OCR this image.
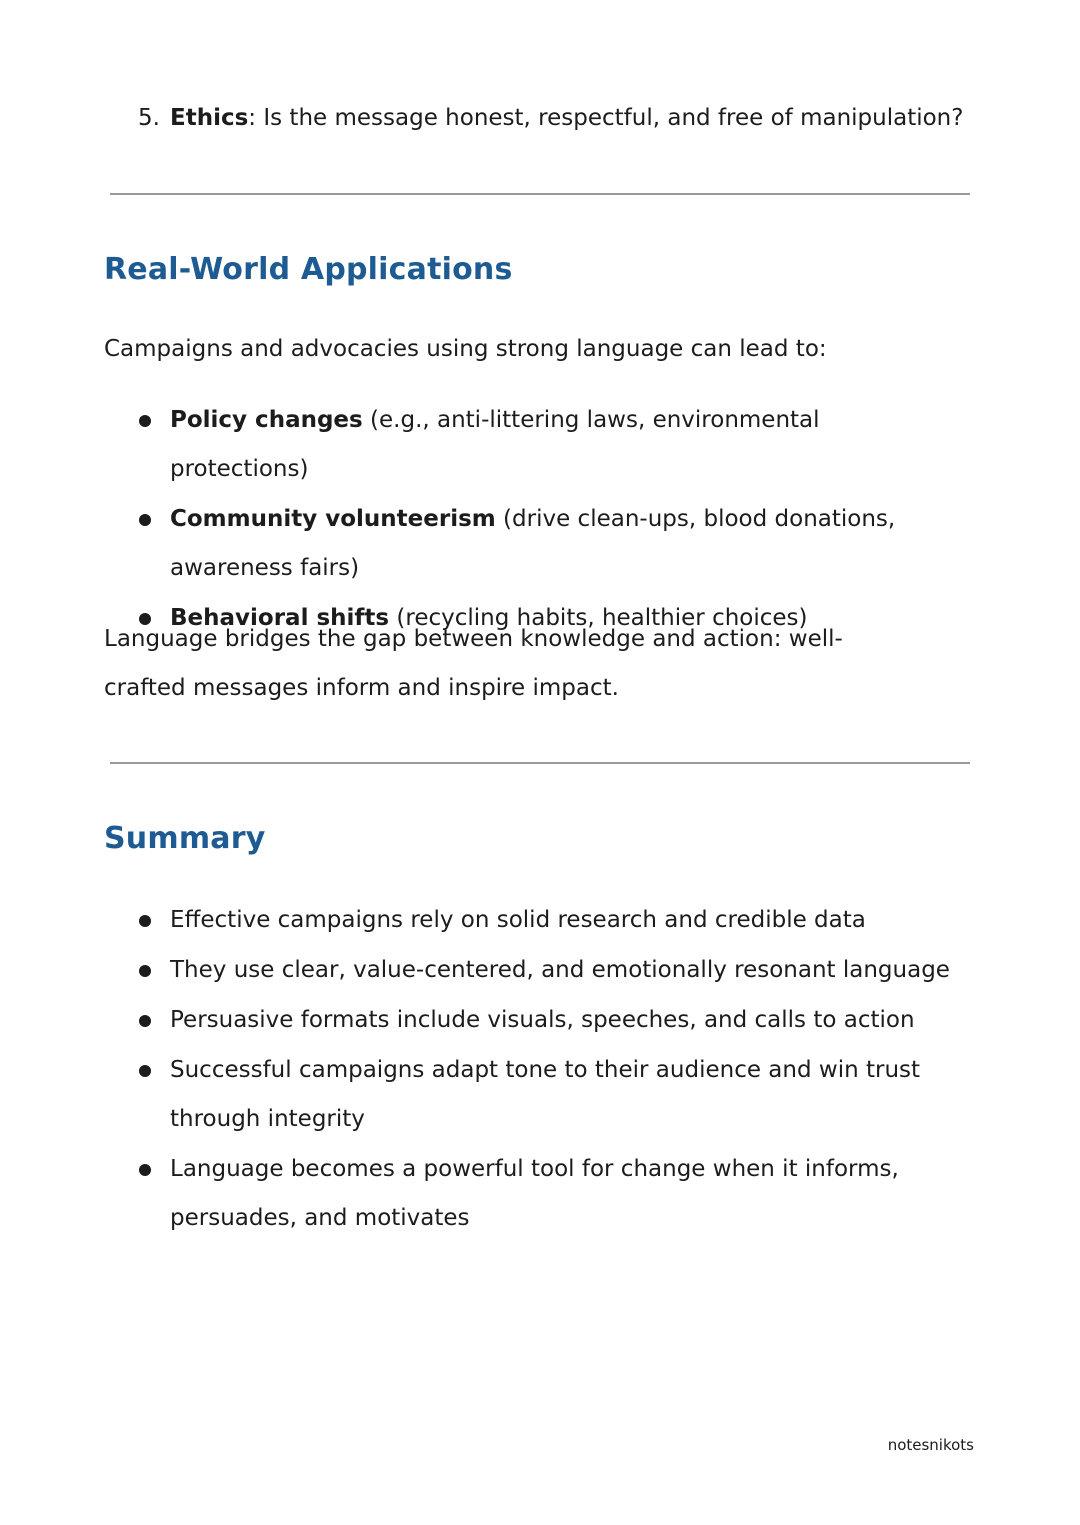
5. Ethics: Is the message honest, respectful, and free of manipulation?

Real-World Applications

Campaigns and advocacies using strong language can lead to:

Policy changes (e.g., anti-littering laws, environmental protections)
Community volunteerism (drive clean-ups, blood donations, awareness fairs)
Behavioral shifts (recycling habits, healthier choices)

Language bridges the gap between knowledge and action: well-crafted messages inform and inspire impact.

Summary
Effective campaigns rely on solid research and credible data
They use clear, value-centered, and emotionally resonant language
Persuasive formats include visuals, speeches, and calls to action
Successful campaigns adapt tone to their audience and win trust through integrity
Language becomes a powerful tool for change when it informs, persuades, and motivates
notesnikots
